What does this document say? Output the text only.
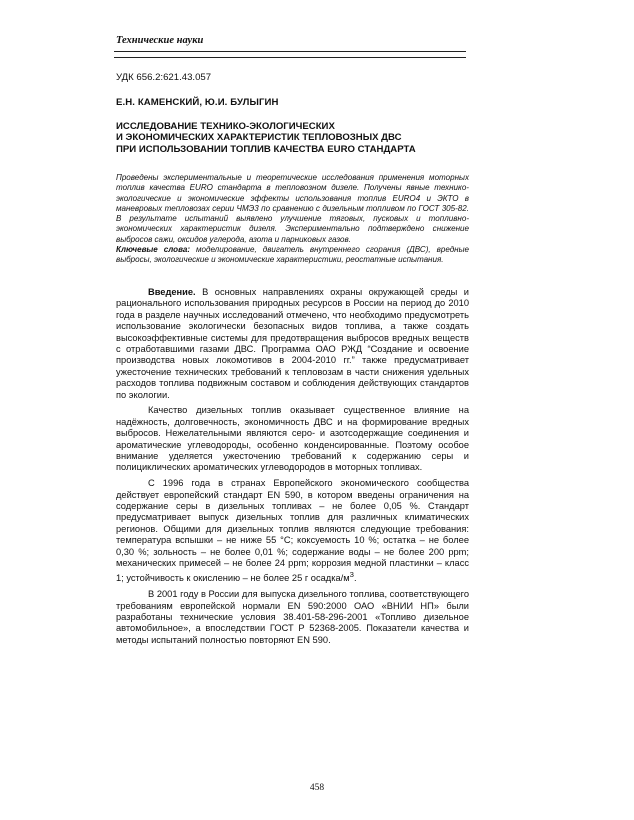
Технические науки
УДК 656.2:621.43.057
Е.Н. КАМЕНСКИЙ, Ю.И. БУЛЫГИН
ИССЛЕДОВАНИЕ ТЕХНИКО-ЭКОЛОГИЧЕСКИХ
И ЭКОНОМИЧЕСКИХ ХАРАКТЕРИСТИК ТЕПЛОВОЗНЫХ ДВС
ПРИ ИСПОЛЬЗОВАНИИ ТОПЛИВ КАЧЕСТВА EURO СТАНДАРТА

Проведены экспериментальные и теоретические исследования применения моторных топлив качества EURO стандарта в тепловозном дизеле. Получены явные технико-экологические и экономические эффекты использования топлив EURO4 и ЭКТО в маневровых тепловозах серии ЧМЭ3 по сравнению с дизельным топливом по ГОСТ 305-82. В результате испытаний выявлено улучшение тяговых, пусковых и топливно-экономических характеристик дизеля. Экспериментально подтверждено снижение выбросов сажи, оксидов углерода, азота и парниковых газов.

Ключевые слова: моделирование, двигатель внутреннего сгорания (ДВС), вредные выбросы, экологические и экономические характеристики, реостатные испытания.

Введение. В основных направлениях охраны окружающей среды и рационального использования природных ресурсов в России на период до 2010 года в разделе научных исследований отмечено, что необходимо предусмотреть использование экологически безопасных видов топлива, а также создать высокоэффективные системы для предотвращения выбросов вредных веществ с отработавшими газами ДВС. Программа ОАО РЖД “Создание и освоение производства новых локомотивов в 2004-2010 гг.” также предусматривает ужесточение технических требований к тепловозам в части снижения удельных расходов топлива подвижным составом и соблюдения действующих стандартов по экологии.

Качество дизельных топлив оказывает существенное влияние на надёжность, долговечность, экономичность ДВС и на формирование вредных выбросов. Нежелательными являются серо- и азотсодержащие соединения и ароматические углеводороды, особенно конденсированные. Поэтому особое внимание уделяется ужесточению требований к содержанию серы и полициклических ароматических углеводородов в моторных топливах.

С 1996 года в странах Европейского экономического сообщества действует европейский стандарт EN 590, в котором введены ограничения на содержание серы в дизельных топливах – не более 0,05 %. Стандарт предусматривает выпуск дизельных топлив для различных климатических регионов. Общими для дизельных топлив являются следующие требования: температура вспышки – не ниже 55 °С; коксуемость 10 %; остатка – не более 0,30 %; зольность – не более 0,01 %; содержание воды – не более 200 ppm; механических примесей – не более 24 ppm; коррозия медной пластинки – класс 1; устойчивость к окислению – не более 25 г осадка/$м^3$.

В 2001 году в России для выпуска дизельного топлива, соответствующего требованиям европейской нормали EN 590:2000 ОАО «ВНИИ НП» были разработаны технические условия 38.401-58-296-2001 «Топливо дизельное автомобильное», а впоследствии ГОСТ Р 52368-2005. Показатели качества и методы испытаний полностью повторяют EN 590.

458
